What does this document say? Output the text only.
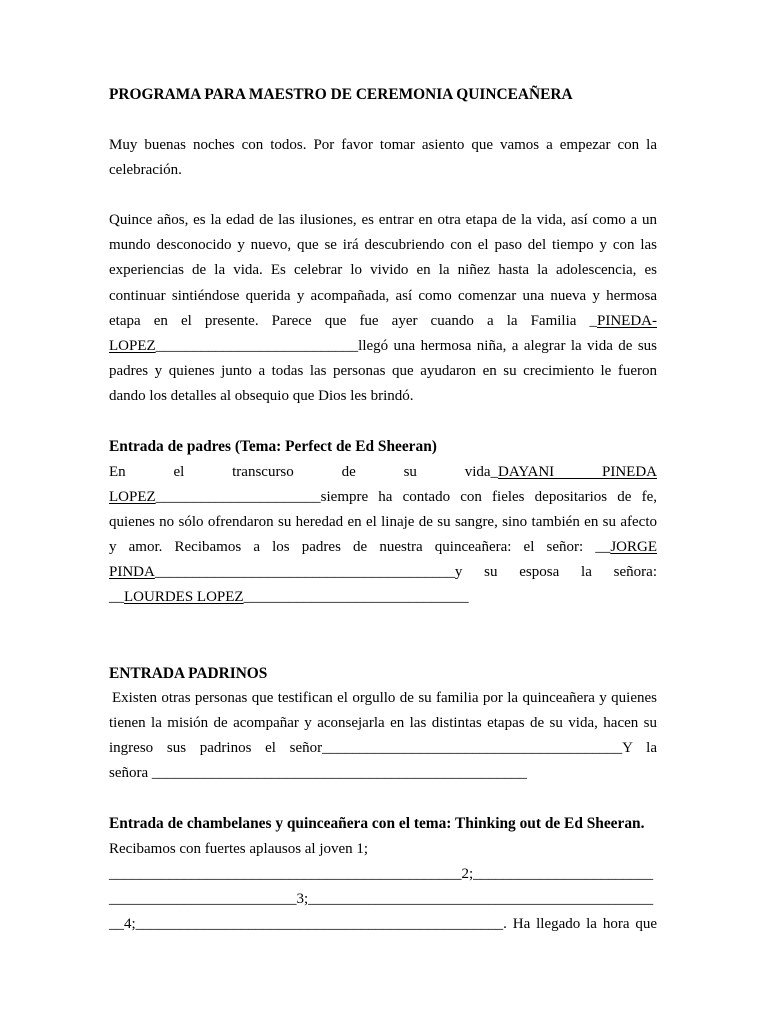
PROGRAMA PARA MAESTRO DE CEREMONIA QUINCEAÑERA
Muy buenas noches con todos. Por favor tomar asiento que vamos a empezar con la
celebración.
Quince años, es la edad de las ilusiones, es entrar en otra etapa de la vida, así como a un
mundo desconocido y nuevo, que se irá descubriendo con el paso del tiempo y con las
experiencias de la vida. Es celebrar lo vivido en la niñez hasta la adolescencia, es
continuar sintiéndose querida y acompañada, así como comenzar una nueva y hermosa
etapa en el presente. Parece que fue ayer cuando a la Familia _PINEDA-
LOPEZ___________________________llegó una hermosa niña, a alegrar la vida de sus
padres y quienes junto a todas las personas que ayudaron en su crecimiento le fueron
dando los detalles al obsequio que Dios les brindó.
Entrada de padres (Tema: Perfect de Ed Sheeran)
En el transcurso de su vida_DAYANI PINEDA
LOPEZ______________________siempre ha contado con fieles depositarios de fe,
quienes no sólo ofrendaron su heredad en el linaje de su sangre, sino también en su afecto
y amor. Recibamos a los padres de nuestra quinceañera: el señor: __JORGE
PINDA________________________________________y su esposa la señora:
__LOURDES LOPEZ______________________________
ENTRADA PADRINOS
Existen otras personas que testifican el orgullo de su familia por la quinceañera y quienes
tienen la misión de acompañar y aconsejarla en las distintas etapas de su vida, hacen su
ingreso sus padrinos el señor________________________________________Y la
señora __________________________________________________
Entrada de chambelanes y quinceañera con el tema: Thinking out de Ed Sheeran.
Recibamos con fuertes aplausos al joven 1;
_______________________________________________2;________________________
_________________________3;______________________________________________
__4;_________________________________________________. Ha llegado la hora que
